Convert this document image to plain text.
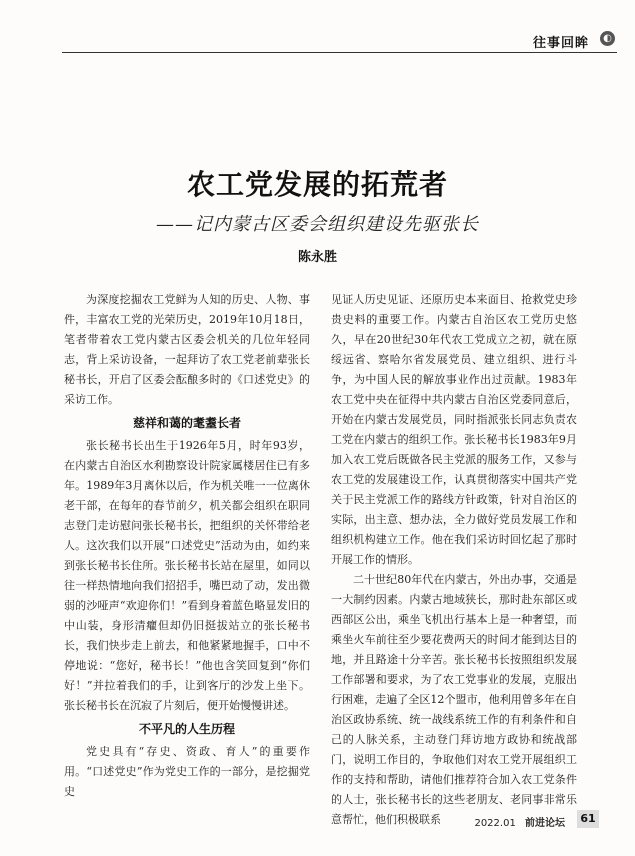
往事回眸	◐
农工党发展的拓荒者
——记内蒙古区委会组织建设先驱张长
陈永胜

为深度挖掘农工党鲜为人知的历史、人物、事件，丰富农工党的光荣历史，2019年10月18日，笔者带着农工党内蒙古区委会机关的几位年轻同志，背上采访设备，一起拜访了农工党老前辈张长秘书长，开启了区委会酝酿多时的《口述党史》的采访工作。

慈祥和蔼的耄耋长者

张长秘书长出生于1926年5月，时年93岁，在内蒙古自治区水利勘察设计院家属楼居住已有多年。1989年3月离休以后，作为机关唯一一位离休老干部，在每年的春节前夕，机关都会组织在职同志登门走访慰问张长秘书长，把组织的关怀带给老人。这次我们以开展“口述党史”活动为由，如约来到张长秘书长住所。张长秘书长站在屋里，如同以往一样热情地向我们招招手，嘴巴动了动，发出微弱的沙哑声“欢迎你们！”看到身着蓝色略显发旧的中山装，身形清癯但却仍旧挺拔站立的张长秘书长，我们快步走上前去，和他紧紧地握手，口中不停地说：“您好，秘书长！”他也含笑回复到“你们好！”并拉着我们的手，让到客厅的沙发上坐下。张长秘书长在沉寂了片刻后，便开始慢慢讲述。

不平凡的人生历程

党史具有“存史、资政、育人”的重要作用。“口述党史”作为党史工作的一部分，是挖掘党史

见证人历史见证、还原历史本来面目、抢救党史珍贵史料的重要工作。内蒙古自治区农工党历史悠久，早在20世纪30年代农工党成立之初，就在原绥远省、察哈尔省发展党员、建立组织、进行斗争，为中国人民的解放事业作出过贡献。1983年农工党中央在征得中共内蒙古自治区党委同意后，开始在内蒙古发展党员，同时指派张长同志负责农工党在内蒙古的组织工作。张长秘书长1983年9月加入农工党后既做各民主党派的服务工作，又参与农工党的发展建设工作，认真贯彻落实中国共产党关于民主党派工作的路线方针政策，针对自治区的实际，出主意、想办法，全力做好党员发展工作和组织机构建立工作。他在我们采访时回忆起了那时开展工作的情形。

二十世纪80年代在内蒙古，外出办事，交通是一大制约因素。内蒙古地域狭长，那时赴东部区或西部区公出，乘坐飞机出行基本上是一种奢望，而乘坐火车前往至少要花费两天的时间才能到达目的地，并且路途十分辛苦。张长秘书长按照组织发展工作部署和要求，为了农工党事业的发展，克服出行困难，走遍了全区12个盟市，他利用曾多年在自治区政协系统、统一战线系统工作的有利条件和自己的人脉关系，主动登门拜访地方政协和统战部门，说明工作目的，争取他们对农工党开展组织工作的支持和帮助，请他们推荐符合加入农工党条件的人士，张长秘书长的这些老朋友、老同事非常乐意帮忙，他们积极联系	2022.01 前进论坛	61
